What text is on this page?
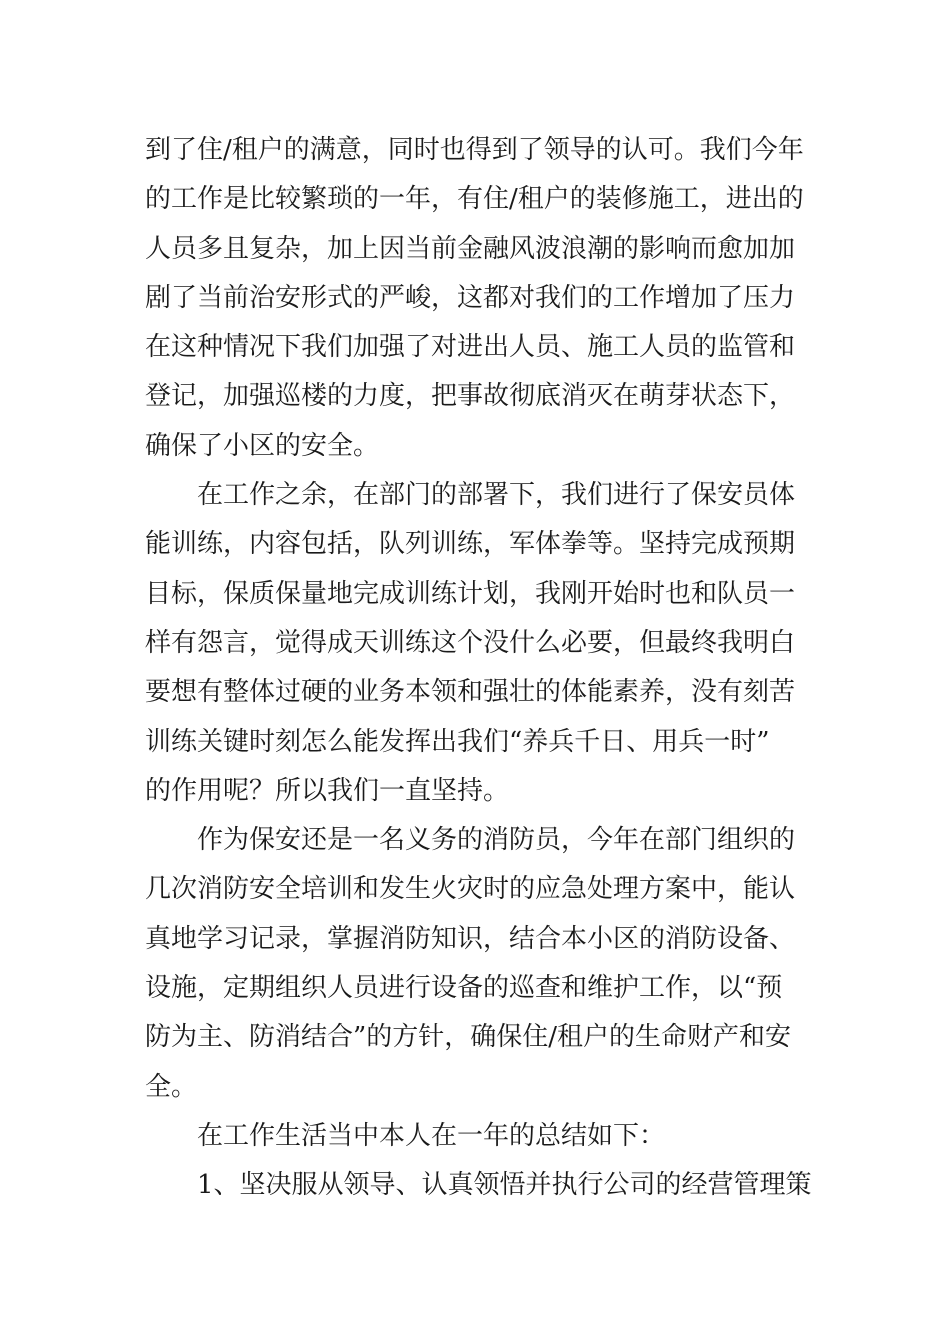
到了住/租户的满意，同时也得到了领导的认可。我们今年
的工作是比较繁琐的一年，有住/租户的装修施工，进出的
人员多且复杂，加上因当前金融风波浪潮的影响而愈加加
剧了当前治安形式的严峻，这都对我们的工作增加了压力
在这种情况下我们加强了对进出人员、施工人员的监管和
登记，加强巡楼的力度，把事故彻底消灭在萌芽状态下，
确保了小区的安全。
在工作之余，在部门的部署下，我们进行了保安员体
能训练，内容包括，队列训练，军体拳等。坚持完成预期
目标，保质保量地完成训练计划，我刚开始时也和队员一
样有怨言，觉得成天训练这个没什么必要，但最终我明白
要想有整体过硬的业务本领和强壮的体能素养，没有刻苦
训练关键时刻怎么能发挥出我们“养兵千日、用兵一时”
的作用呢？所以我们一直坚持。
作为保安还是一名义务的消防员，今年在部门组织的
几次消防安全培训和发生火灾时的应急处理方案中，能认
真地学习记录，掌握消防知识，结合本小区的消防设备、
设施，定期组织人员进行设备的巡查和维护工作，以“预
防为主、防消结合”的方针，确保住/租户的生命财产和安
全。
在工作生活当中本人在一年的总结如下：
1、坚决服从领导、认真领悟并执行公司的经营管理策
